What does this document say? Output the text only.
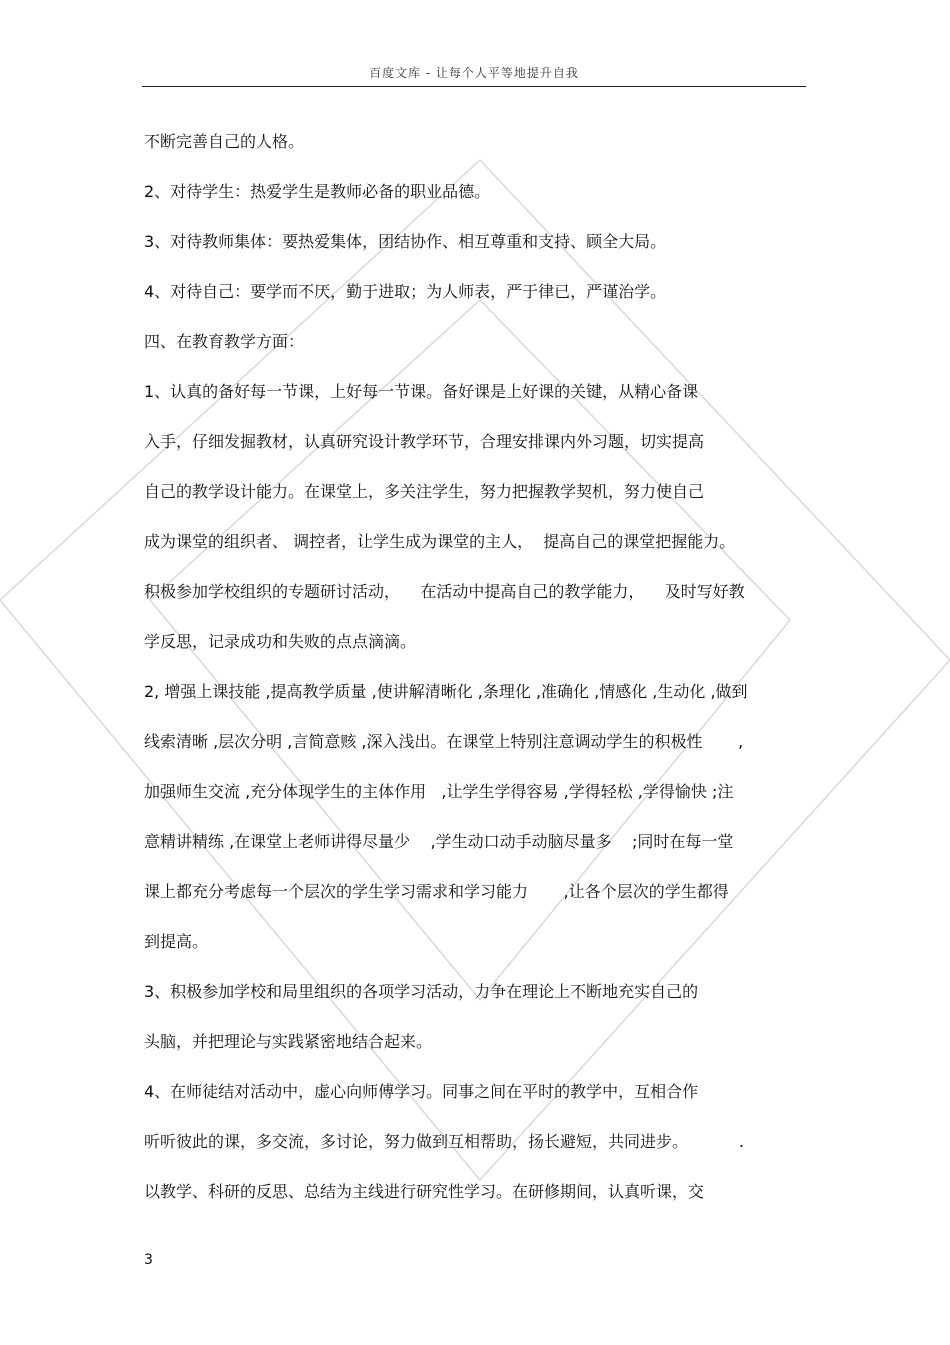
百度文库 - 让每个人平等地提升自我
不断完善自己的人格。
2、对待学生：热爱学生是教师必备的职业品德。
3、对待教师集体：要热爱集体，团结协作、相互尊重和支持、顾全大局。
4、对待自己：要学而不厌，勤于进取；为人师表，严于律已，严谨治学。
四、在教育教学方面：
1、认真的备好每一节课，上好每一节课。备好课是上好课的关键，从精心备课
入手，仔细发掘教材，认真研究设计教学环节，合理安排课内外习题，切实提高
自己的教学设计能力。在课堂上，多关注学生，努力把握教学契机，努力使自己
成为课堂的组织者、 调控者，让学生成为课堂的主人，  提高自己的课堂把握能力。
积极参加学校组织的专题研讨活动，    在活动中提高自己的教学能力，    及时写好教
学反思，记录成功和失败的点点滴滴。
2, 增强上课技能 ,提高教学质量 ,使讲解清晰化 ,条理化 ,准确化 ,情感化 ,生动化 ,做到
线索清晰 ,层次分明 ,言简意赅 ,深入浅出。在课堂上特别注意调动学生的积极性       ,
加强师生交流 ,充分体现学生的主体作用   ,让学生学得容易 ,学得轻松 ,学得愉快 ;注
意精讲精练 ,在课堂上老师讲得尽量少    ,学生动口动手动脑尽量多    ;同时在每一堂
课上都充分考虑每一个层次的学生学习需求和学习能力       ,让各个层次的学生都得
到提高。
3、积极参加学校和局里组织的各项学习活动，力争在理论上不断地充实自己的
头脑，并把理论与实践紧密地结合起来。
4、在师徒结对活动中，虚心向师傅学习。同事之间在平时的教学中，互相合作
听听彼此的课，多交流，多讨论，努力做到互相帮助，扬长避短，共同进步。          .
以教学、科研的反思、总结为主线进行研究性学习。在研修期间，认真听课，交
3
